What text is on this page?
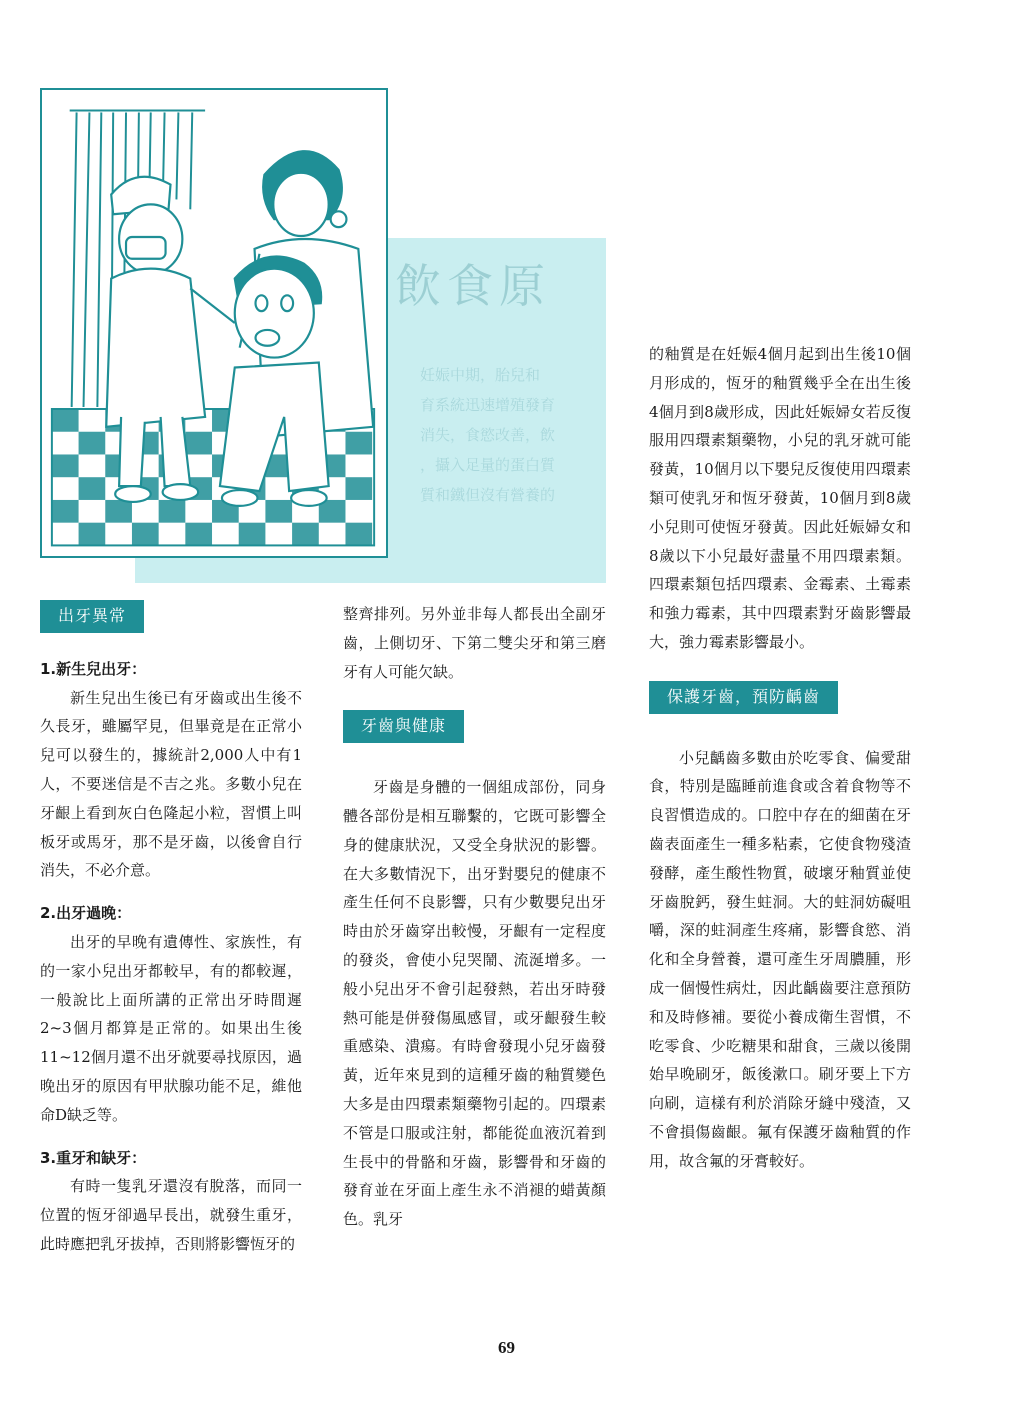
飲食原
妊娠中期，胎兒和
育系統迅速增殖發育
消失，食慾改善，飲
，攝入足量的蛋白質
質和鐵但沒有營養的
出牙異常

1.新生兒出牙：

新生兒出生後已有牙齒或出生後不久長牙，雖屬罕見，但畢竟是在正常小兒可以發生的，據統計2,000人中有1人，不要迷信是不吉之兆。多數小兒在牙齦上看到灰白色隆起小粒，習慣上叫板牙或馬牙，那不是牙齒，以後會自行消失，不必介意。

2.出牙過晚：

出牙的早晚有遺傳性、家族性，有的一家小兒出牙都較早，有的都較遲，一般說比上面所講的正常出牙時間遲2~3個月都算是正常的。如果出生後11~12個月還不出牙就要尋找原因，過晚出牙的原因有甲狀腺功能不足，維他命D缺乏等。

3.重牙和缺牙：

有時一隻乳牙還沒有脫落，而同一位置的恆牙卻過早長出，就發生重牙，此時應把乳牙拔掉，否則將影響恆牙的

整齊排列。另外並非每人都長出全副牙齒，上側切牙、下第二雙尖牙和第三磨牙有人可能欠缺。

牙齒與健康

牙齒是身體的一個組成部份，同身體各部份是相互聯繫的，它既可影響全身的健康狀況，又受全身狀況的影響。在大多數情況下，出牙對嬰兒的健康不產生任何不良影響，只有少數嬰兒出牙時由於牙齒穿出較慢，牙齦有一定程度的發炎，會使小兒哭鬧、流涎增多。一般小兒出牙不會引起發熱，若出牙時發熱可能是併發傷風感冒，或牙齦發生較重感染、潰瘍。有時會發現小兒牙齒發黃，近年來見到的這種牙齒的釉質變色大多是由四環素類藥物引起的。四環素不管是口服或注射，都能從血液沉着到生長中的骨骼和牙齒，影響骨和牙齒的發育並在牙面上產生永不消褪的蜡黃顏色。乳牙

的釉質是在妊娠4個月起到出生後10個月形成的，恆牙的釉質幾乎全在出生後4個月到8歲形成，因此妊娠婦女若反復服用四環素類藥物，小兒的乳牙就可能發黃，10個月以下嬰兒反復使用四環素類可使乳牙和恆牙發黃，10個月到8歲小兒則可使恆牙發黃。因此妊娠婦女和8歲以下小兒最好盡量不用四環素類。四環素類包括四環素、金霉素、土霉素和強力霉素，其中四環素對牙齒影響最大，強力霉素影響最小。

保護牙齒，預防齲齒

小兒齲齒多數由於吃零食、偏愛甜食，特別是臨睡前進食或含着食物等不良習慣造成的。口腔中存在的細菌在牙齒表面產生一種多粘素，它使食物殘渣發酵，產生酸性物質，破壞牙釉質並使牙齒脫鈣，發生蛀洞。大的蛀洞妨礙咀嚼，深的蛀洞產生疼痛，影響食慾、消化和全身營養，還可產生牙周膿腫，形成一個慢性病灶，因此齲齒要注意預防和及時修補。要從小養成衛生習慣，不吃零食、少吃糖果和甜食，三歲以後開始早晚刷牙，飯後漱口。刷牙要上下方向刷，這樣有利於消除牙縫中殘渣，又不會損傷齒齦。氟有保護牙齒釉質的作用，故含氟的牙膏較好。

69
